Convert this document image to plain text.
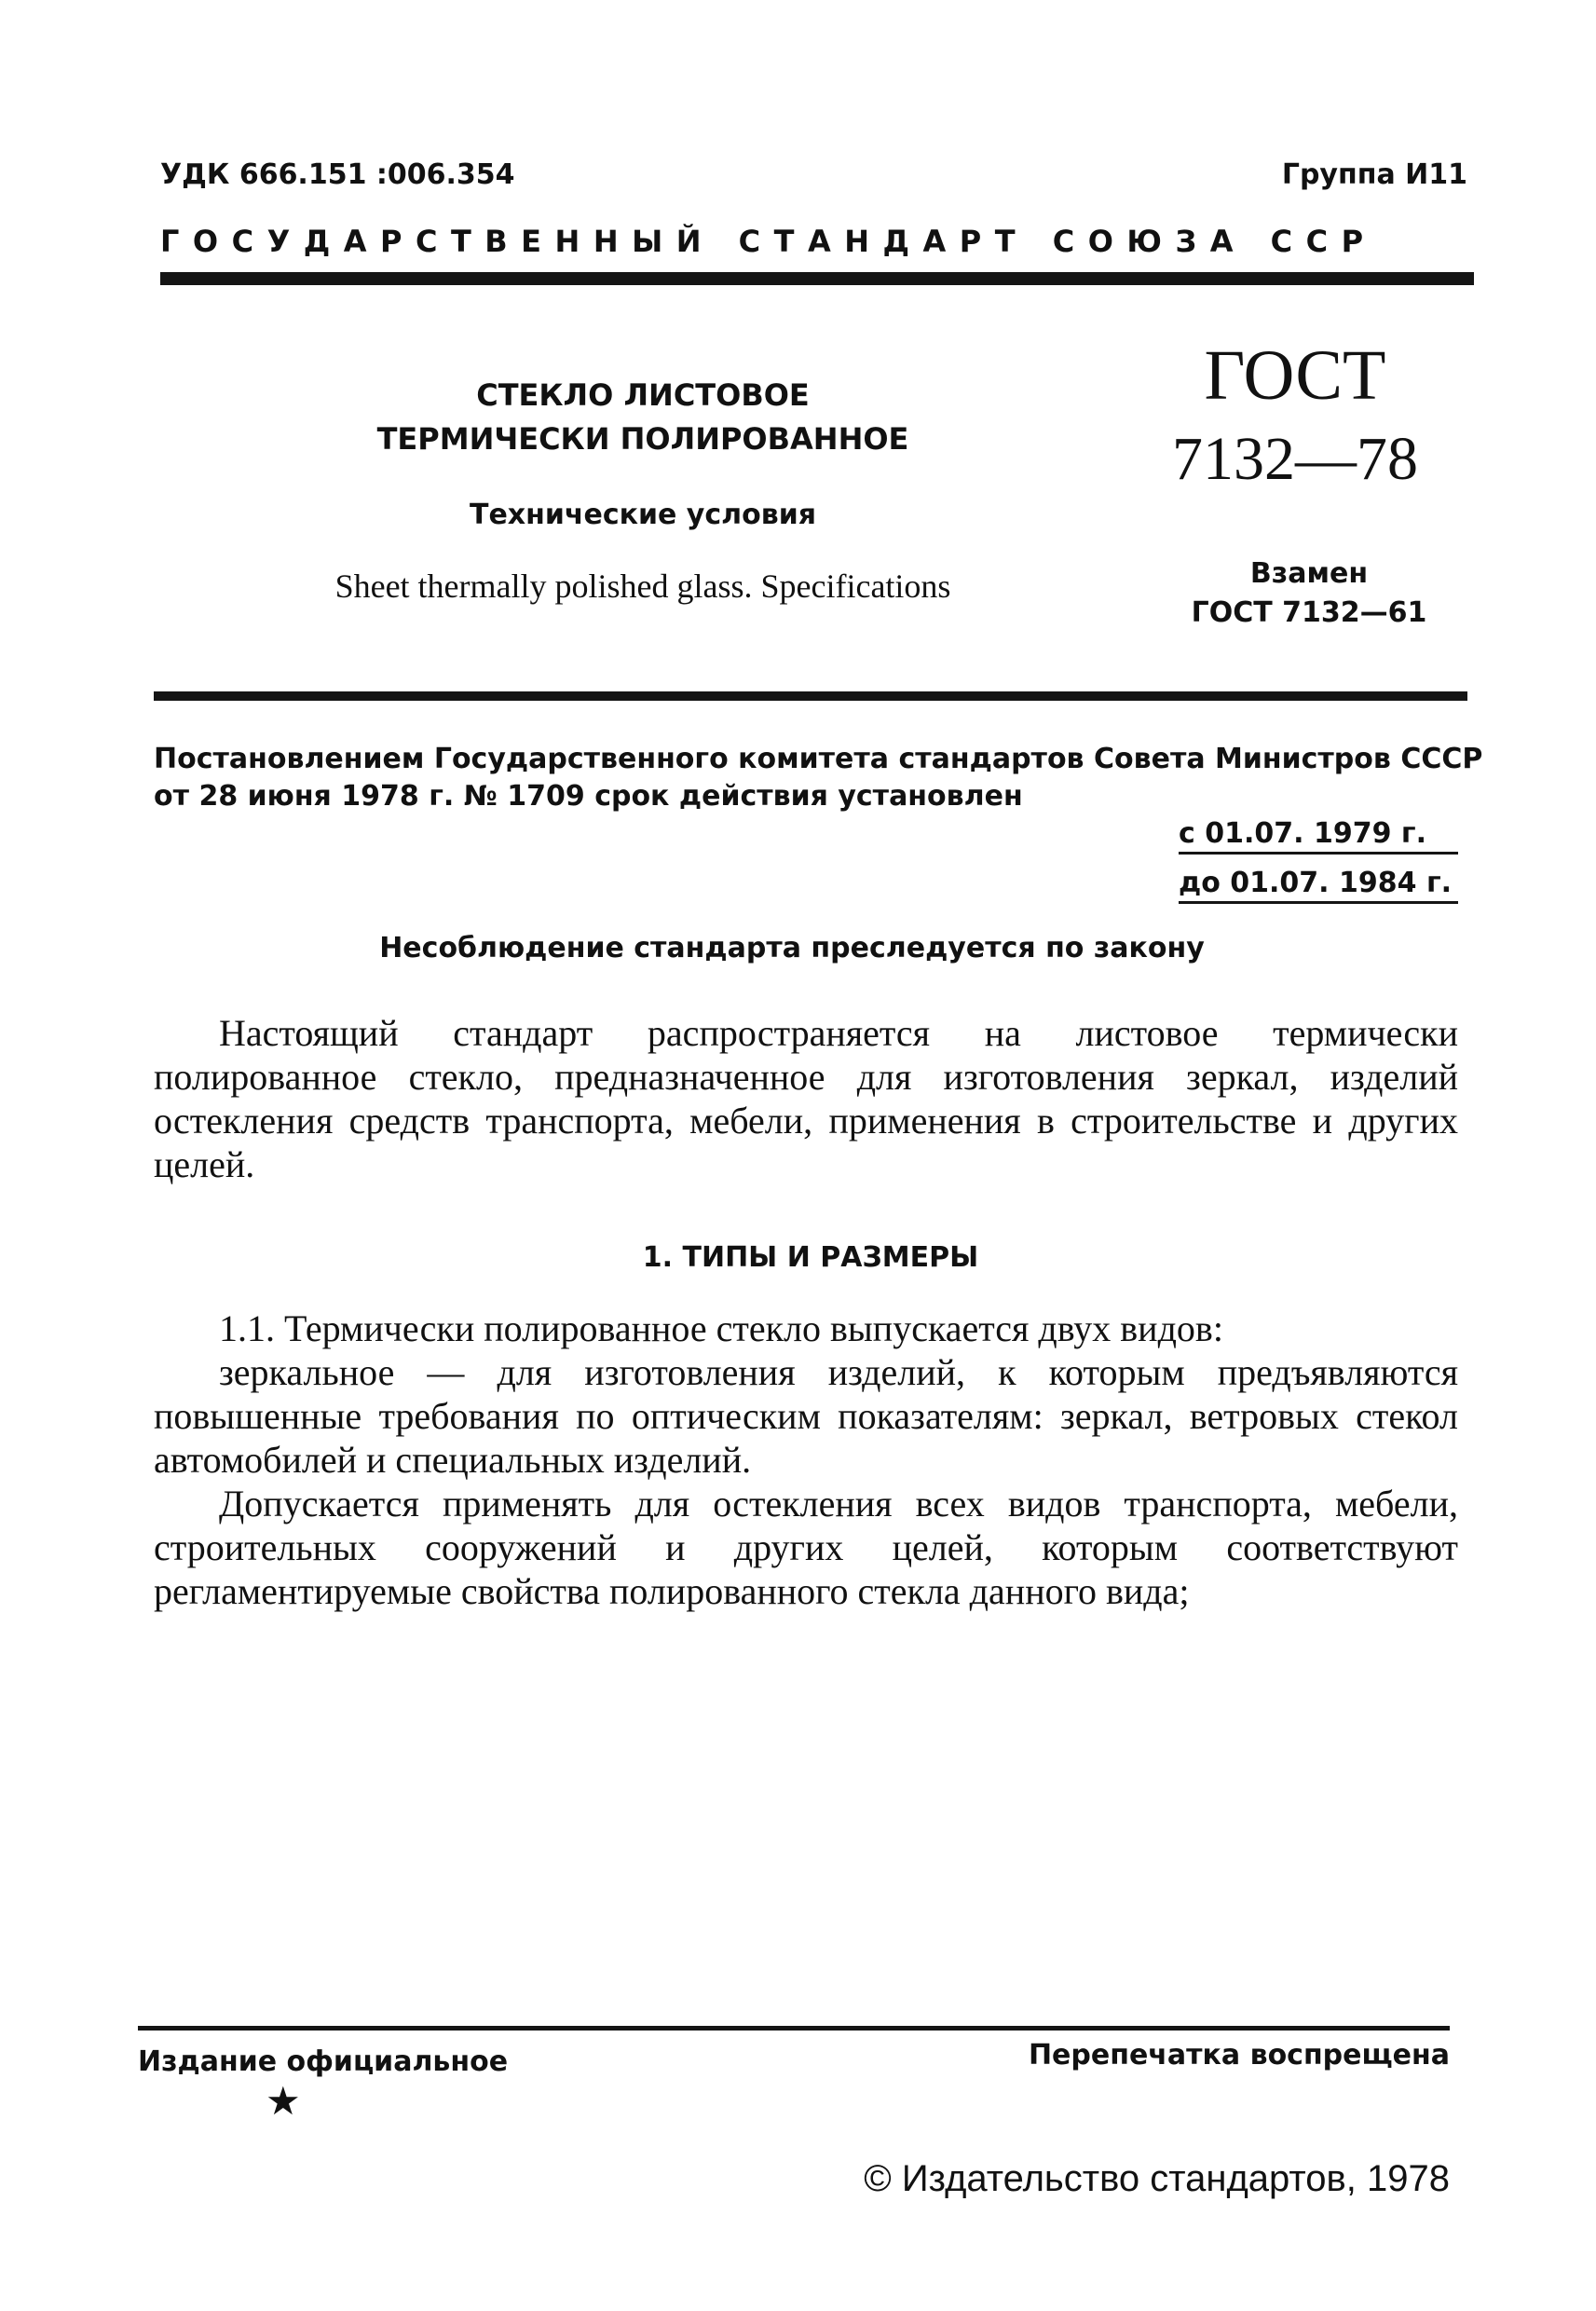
УДК 666.151 :006.354	Группа И11
ГОСУДАРСТВЕННЫЙ СТАНДАРТ СОЮЗА ССР
СТЕКЛО ЛИСТОВОЕ
ТЕРМИЧЕСКИ ПОЛИРОВАННОЕ
Технические условия
Sheet thermally polished glass. Specifications
ГОСТ
7132—78
Взамен
ГОСТ 7132—61
Постановлением Государственного комитета стандартов Совета Министров СССР
от 28 июня 1978 г. № 1709 срок действия установлен
с 01.07. 1979 г.
до 01.07. 1984 г.
Несоблюдение стандарта преследуется по закону
Настоящий стандарт распространяется на листовое термически полированное стекло, предназначенное для изготовления зеркал, изделий остекления средств транспорта, мебели, применения в строительстве и других целей.
1. ТИПЫ И РАЗМЕРЫ
1.1. Термически полированное стекло выпускается двух видов:
зеркальное — для изготовления изделий, к которым предъявляются повышенные требования по оптическим показателям: зеркал, ветровых стекол автомобилей и специальных изделий.
Допускается применять для остекления всех видов транспорта, мебели, строительных сооружений и других целей, которым соответствуют регламентируемые свойства полированного стекла данного вида;
Издание официальное	Перепечатка воспрещена
★
© Издательство стандартов, 1978
